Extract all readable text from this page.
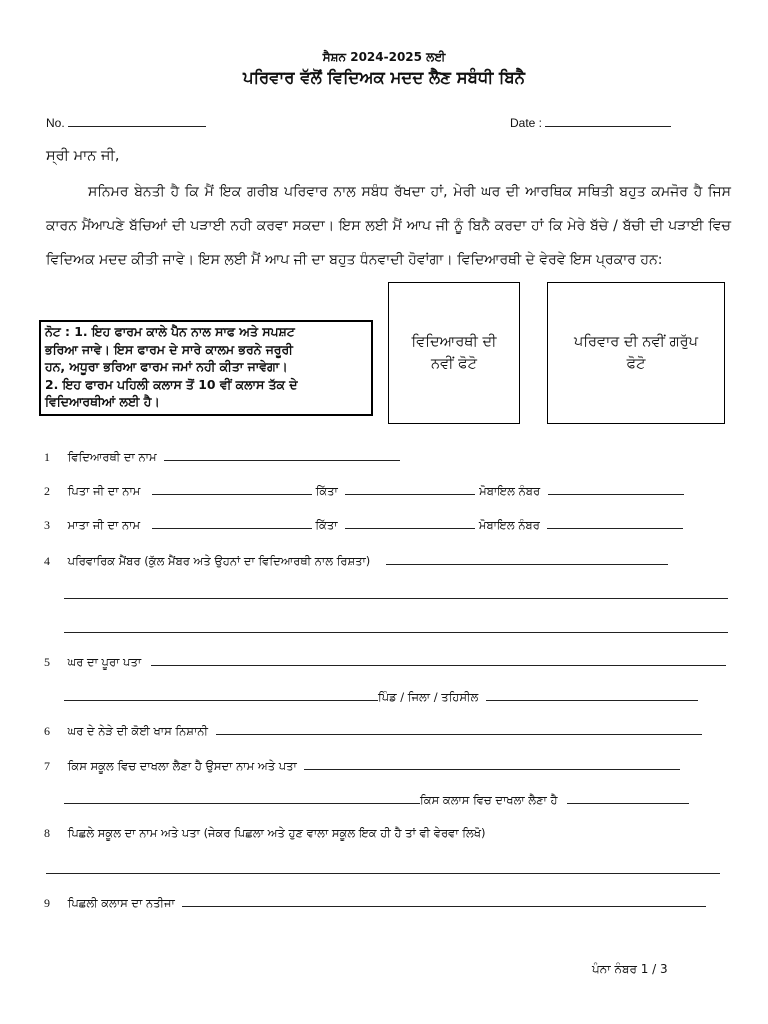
ਸੈਸ਼ਨ 2024-2025 ਲਈ
ਪਰਿਵਾਰ ਵੱਲੋਂ ਵਿਦਿਅਕ ਮਦਦ ਲੈਣ ਸਬੰਧੀ ਬਿਨੈ
No.	Date :
ਸ੍ਰੀ ਮਾਨ ਜੀ,
ਸਨਿਮਰ ਬੇਨਤੀ ਹੈ ਕਿ ਮੈਂ ਇਕ ਗਰੀਬ ਪਰਿਵਾਰ ਨਾਲ ਸਬੰਧ ਰੱਖਦਾ ਹਾਂ, ਮੇਰੀ ਘਰ ਦੀ ਆਰਥਿਕ ਸਥਿਤੀ ਬਹੁਤ ਕਮਜੋਰ ਹੈ ਜਿਸ ਕਾਰਨ ਮੈਂਆਪਣੇ ਬੱਚਿਆਂ ਦੀ ਪੜਾਈ ਨਹੀ ਕਰਵਾ ਸਕਦਾ। ਇਸ ਲਈ ਮੈਂ ਆਪ ਜੀ ਨੂੰ ਬਿਨੈ ਕਰਦਾ ਹਾਂ ਕਿ ਮੇਰੇ ਬੱਚੇ / ਬੱਚੀ ਦੀ ਪੜਾਈ ਵਿਚ ਵਿਦਿਅਕ ਮਦਦ ਕੀਤੀ ਜਾਵੇ। ਇਸ ਲਈ ਮੈਂ ਆਪ ਜੀ ਦਾ ਬਹੁਤ ਧੰਨਵਾਦੀ ਹੋਵਾਂਗਾ। ਵਿਦਿਆਰਥੀ ਦੇ ਵੇਰਵੇ ਇਸ ਪ੍ਰਕਾਰ ਹਨ:
ਨੋਟ : 1. ਇਹ ਫਾਰਮ ਕਾਲੇ ਪੈੱਨ ਨਾਲ ਸਾਫ ਅਤੇ ਸਪਸ਼ਟ
ਭਰਿਆ ਜਾਵੇ। ਇਸ ਫਾਰਮ ਦੇ ਸਾਰੇ ਕਾਲਮ ਭਰਨੇ ਜਰੂਰੀ
ਹਨ, ਅਧੂਰਾ ਭਰਿਆ ਫਾਰਮ ਜਮਾਂ ਨਹੀ ਕੀਤਾ ਜਾਵੇਗਾ।
2. ਇਹ ਫਾਰਮ ਪਹਿਲੀ ਕਲਾਸ ਤੋਂ 10 ਵੀਂ ਕਲਾਸ ਤੱਕ ਦੇ
ਵਿਦਿਆਰਥੀਆਂ ਲਈ ਹੈ।
ਵਿਦਿਆਰਥੀ ਦੀ
ਨਵੀਂ ਫੋਟੋ
ਪਰਿਵਾਰ ਦੀ ਨਵੀਂ ਗਰੁੱਪ
ਫੋਟੋ
1 ਵਿਦਿਆਰਥੀ ਦਾ ਨਾਮ
2 ਪਿਤਾ ਜੀ ਦਾ ਨਾਮ	ਕਿੱਤਾ	ਮੋਬਾਇਲ ਨੰਬਰ
3 ਮਾਤਾ ਜੀ ਦਾ ਨਾਮ	ਕਿੱਤਾ	ਮੋਬਾਇਲ ਨੰਬਰ
4 ਪਰਿਵਾਰਿਕ ਮੈਂਬਰ (ਕੁੱਲ ਮੈਂਬਰ ਅਤੇ ਉਹਨਾਂ ਦਾ ਵਿਦਿਆਰਥੀ ਨਾਲ ਰਿਸ਼ਤਾ)
5 ਘਰ ਦਾ ਪੂਰਾ ਪਤਾ
ਪਿੰਡ / ਜਿਲਾ / ਤਹਿਸੀਲ
6 ਘਰ ਦੇ ਨੇੜੇ ਦੀ ਕੋਈ ਖਾਸ ਨਿਸ਼ਾਨੀ
7 ਕਿਸ ਸਕੂਲ ਵਿਚ ਦਾਖਲਾ ਲੈਣਾ ਹੈ ਉਸਦਾ ਨਾਮ ਅਤੇ ਪਤਾ
ਕਿਸ ਕਲਾਸ ਵਿਚ ਦਾਖਲਾ ਲੈਣਾ ਹੈ
8 ਪਿਛਲੇ ਸਕੂਲ ਦਾ ਨਾਮ ਅਤੇ ਪਤਾ (ਜੇਕਰ ਪਿਛਲਾ ਅਤੇ ਹੁਣ ਵਾਲਾ ਸਕੂਲ ਇਕ ਹੀ ਹੈ ਤਾਂ ਵੀ ਵੇਰਵਾ ਲਿਖੋ)
9 ਪਿਛਲੀ ਕਲਾਸ ਦਾ ਨਤੀਜਾ
ਪੰਨਾ ਨੰਬਰ 1 / 3
